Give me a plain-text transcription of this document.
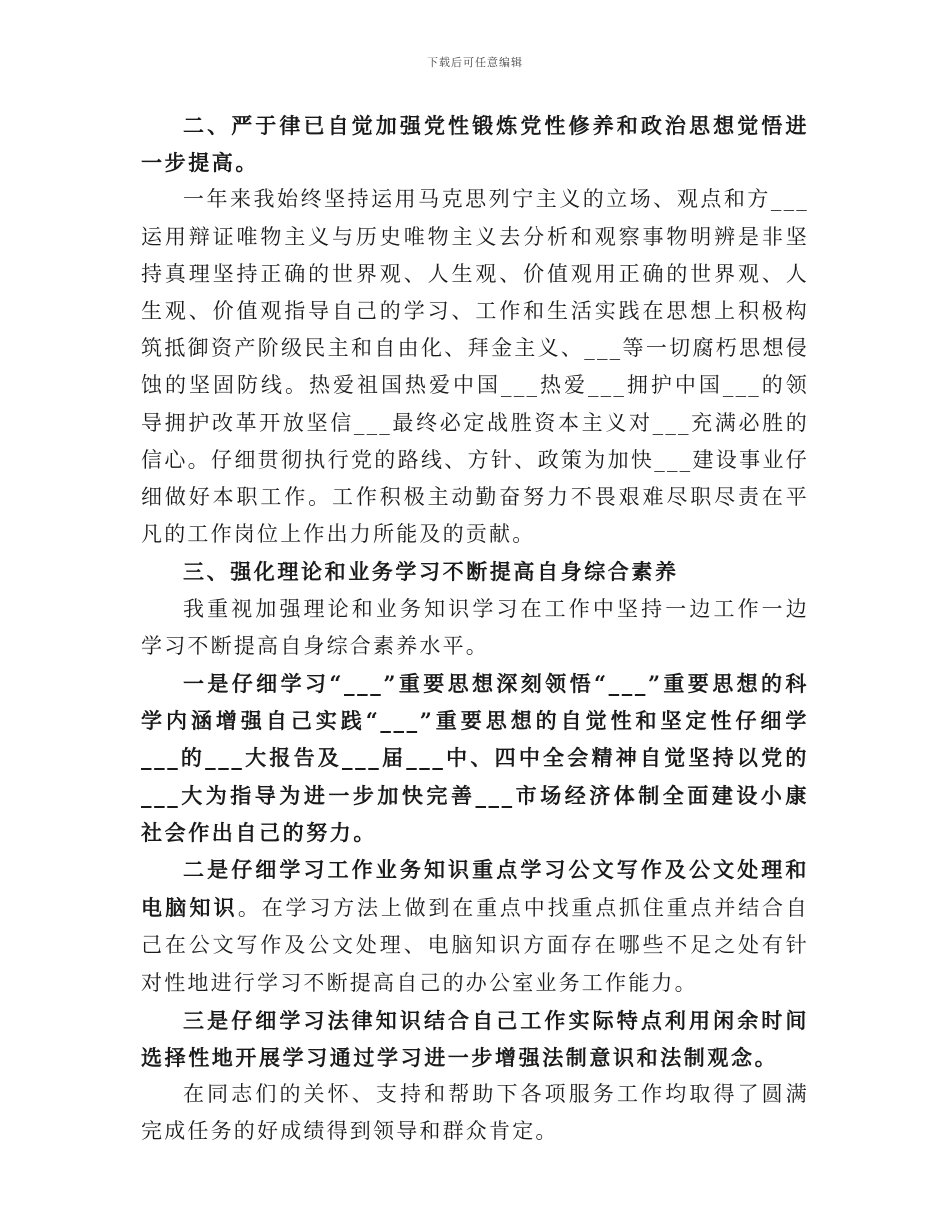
下载后可任意编辑

二、严于律已自觉加强党性锻炼党性修养和政治思想觉悟进一步提高。

一年来我始终坚持运用马克思列宁主义的立场、观点和方___运用辩证唯物主义与历史唯物主义去分析和观察事物明辨是非坚持真理坚持正确的世界观、人生观、价值观用正确的世界观、人生观、价值观指导自己的学习、工作和生活实践在思想上积极构筑抵御资产阶级民主和自由化、拜金主义、___等一切腐朽思想侵蚀的坚固防线。热爱祖国热爱中国___热爱___拥护中国___的领导拥护改革开放坚信___最终必定战胜资本主义对___充满必胜的信心。仔细贯彻执行党的路线、方针、政策为加快___建设事业仔细做好本职工作。工作积极主动勤奋努力不畏艰难尽职尽责在平凡的工作岗位上作出力所能及的贡献。

三、强化理论和业务学习不断提高自身综合素养

我重视加强理论和业务知识学习在工作中坚持一边工作一边学习不断提高自身综合素养水平。

一是仔细学习“___”重要思想深刻领悟“___”重要思想的科学内涵增强自己实践“___”重要思想的自觉性和坚定性仔细学___的___大报告及___届___中、四中全会精神自觉坚持以党的___大为指导为进一步加快完善___市场经济体制全面建设小康社会作出自己的努力。

二是仔细学习工作业务知识重点学习公文写作及公文处理和电脑知识。在学习方法上做到在重点中找重点抓住重点并结合自己在公文写作及公文处理、电脑知识方面存在哪些不足之处有针对性地进行学习不断提高自己的办公室业务工作能力。

三是仔细学习法律知识结合自己工作实际特点利用闲余时间选择性地开展学习通过学习进一步增强法制意识和法制观念。

在同志们的关怀、支持和帮助下各项服务工作均取得了圆满完成任务的好成绩得到领导和群众肯定。
